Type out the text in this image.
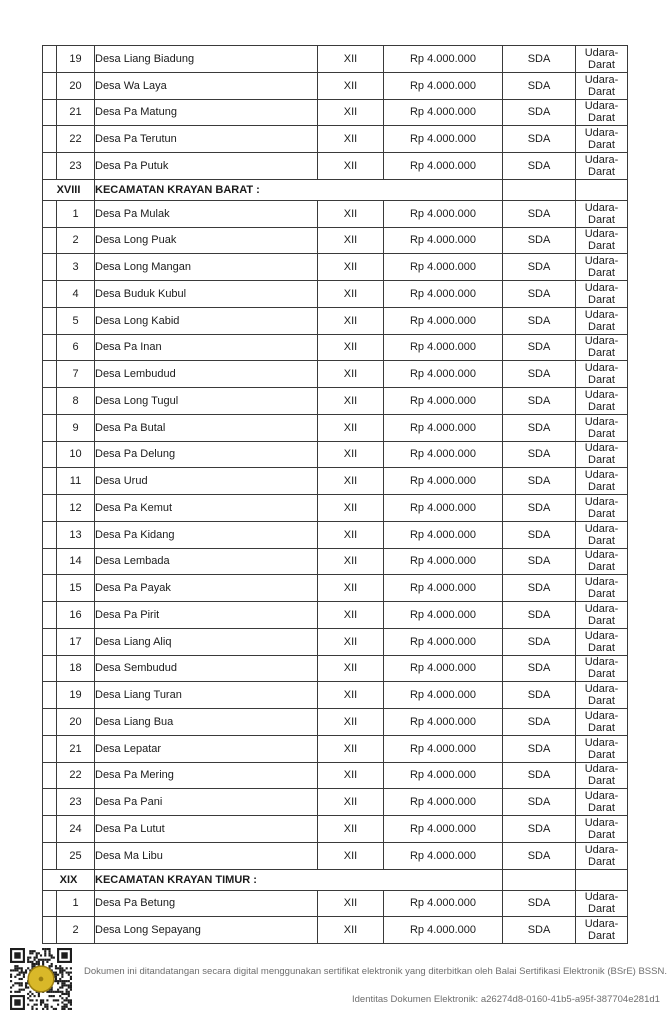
	19	Desa Liang Biadung	XII	Rp 4.000.000	SDA	Udara-
Darat
	20	Desa Wa Laya	XII	Rp 4.000.000	SDA	Udara-
Darat
	21	Desa Pa Matung	XII	Rp 4.000.000	SDA	Udara-
Darat
	22	Desa Pa Terutun	XII	Rp 4.000.000	SDA	Udara-
Darat
	23	Desa Pa Putuk	XII	Rp 4.000.000	SDA	Udara-
Darat
XVIII		KECAMATAN KRAYAN BARAT :				
	1	Desa Pa Mulak	XII	Rp 4.000.000	SDA	Udara-
Darat
	2	Desa Long Puak	XII	Rp 4.000.000	SDA	Udara-
Darat
	3	Desa Long Mangan	XII	Rp 4.000.000	SDA	Udara-
Darat
	4	Desa Buduk Kubul	XII	Rp 4.000.000	SDA	Udara-
Darat
	5	Desa Long Kabid	XII	Rp 4.000.000	SDA	Udara-
Darat
	6	Desa Pa Inan	XII	Rp 4.000.000	SDA	Udara-
Darat
	7	Desa Lembudud	XII	Rp 4.000.000	SDA	Udara-
Darat
	8	Desa Long Tugul	XII	Rp 4.000.000	SDA	Udara-
Darat
	9	Desa Pa Butal	XII	Rp 4.000.000	SDA	Udara-
Darat
	10	Desa Pa Delung	XII	Rp 4.000.000	SDA	Udara-
Darat
	11	Desa Urud	XII	Rp 4.000.000	SDA	Udara-
Darat
	12	Desa Pa Kemut	XII	Rp 4.000.000	SDA	Udara-
Darat
	13	Desa Pa Kidang	XII	Rp 4.000.000	SDA	Udara-
Darat
	14	Desa Lembada	XII	Rp 4.000.000	SDA	Udara-
Darat
	15	Desa Pa Payak	XII	Rp 4.000.000	SDA	Udara-
Darat
	16	Desa Pa Pirit	XII	Rp 4.000.000	SDA	Udara-
Darat
	17	Desa Liang Aliq	XII	Rp 4.000.000	SDA	Udara-
Darat
	18	Desa Sembudud	XII	Rp 4.000.000	SDA	Udara-
Darat
	19	Desa Liang Turan	XII	Rp 4.000.000	SDA	Udara-
Darat
	20	Desa Liang Bua	XII	Rp 4.000.000	SDA	Udara-
Darat
	21	Desa Lepatar	XII	Rp 4.000.000	SDA	Udara-
Darat
	22	Desa Pa Mering	XII	Rp 4.000.000	SDA	Udara-
Darat
	23	Desa Pa Pani	XII	Rp 4.000.000	SDA	Udara-
Darat
	24	Desa Pa Lutut	XII	Rp 4.000.000	SDA	Udara-
Darat
	25	Desa Ma Libu	XII	Rp 4.000.000	SDA	Udara-
Darat
XIX		KECAMATAN KRAYAN TIMUR :				
	1	Desa Pa Betung	XII	Rp 4.000.000	SDA	Udara-
Darat
	2	Desa Long Sepayang	XII	Rp 4.000.000	SDA	Udara-
Darat
Dokumen ini ditandatangan secara digital menggunakan sertifikat elektronik yang diterbitkan oleh Balai Sertifikasi Elektronik (BSrE) BSSN.
Identitas Dokumen Elektronik: a26274d8-0160-41b5-a95f-387704e281d1
